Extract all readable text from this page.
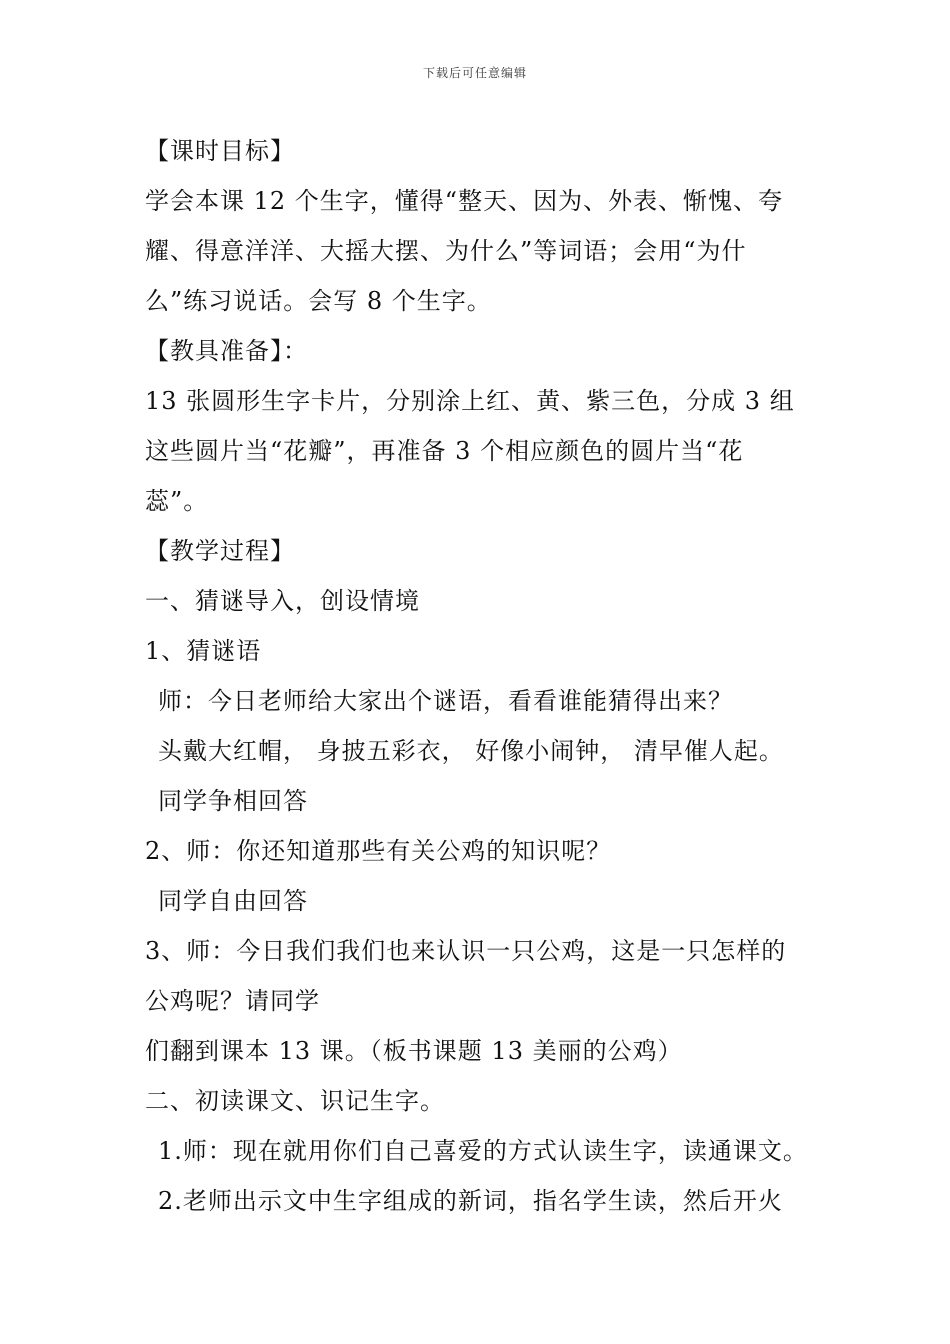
下载后可任意编辑
【课时目标】
学会本课 12 个生字，懂得“整天、因为、外表、惭愧、夸
耀、得意洋洋、大摇大摆、为什么”等词语；会用“为什
么”练习说话。会写 8 个生字。
【教具准备】：
13 张圆形生字卡片，分别涂上红、黄、紫三色，分成 3 组
这些圆片当“花瓣”，再准备 3 个相应颜色的圆片当“花
蕊”。
【教学过程】
一、猜谜导入，创设情境
1、猜谜语
师：今日老师给大家出个谜语，看看谁能猜得出来？
头戴大红帽， 身披五彩衣， 好像小闹钟， 清早催人起。
同学争相回答
2、师：你还知道那些有关公鸡的知识呢？
同学自由回答
3、师：今日我们我们也来认识一只公鸡，这是一只怎样的
公鸡呢？请同学
们翻到课本 13 课。（板书课题 13 美丽的公鸡）
二、初读课文、识记生字。
1.师：现在就用你们自己喜爱的方式认读生字，读通课文。
2.老师出示文中生字组成的新词，指名学生读，然后开火
